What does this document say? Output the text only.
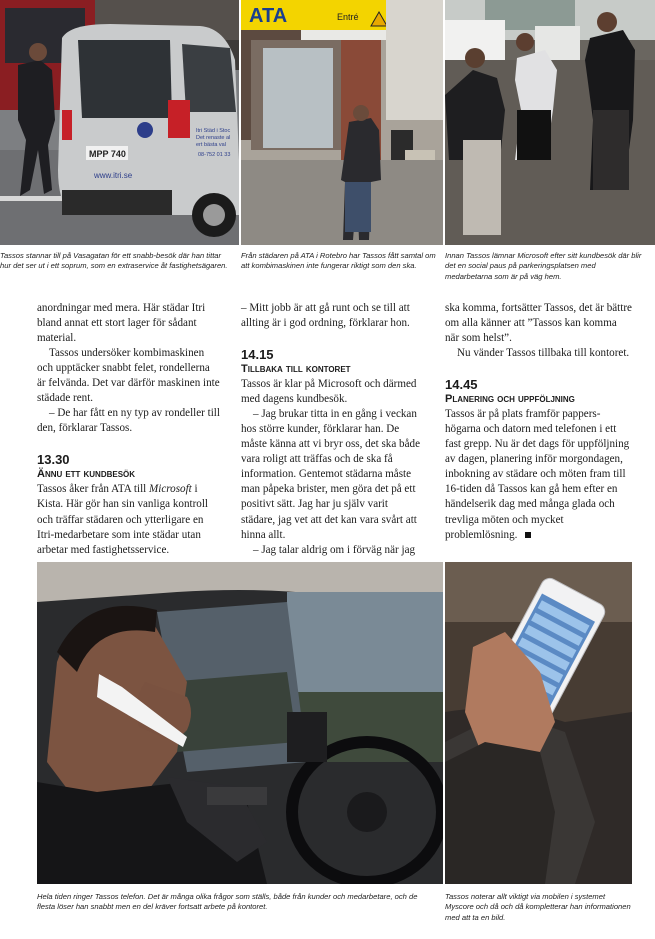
MPP 740
www.itri.se
Itri Städ i Stoc
Det renaste al
ert bästa val
08-752 01 33
ATA	Entré

Tassos stannar till på Vasagatan för ett snabb-besök där han tittar hur det ser ut i ett soprum, som en extraservice åt fastighetsägaren.

Från städaren på ATA i Rotebro har Tassos fått samtal om att kombimaskinen inte fungerar riktigt som den ska.

Innan Tassos lämnar Microsoft efter sitt kundbesök där blir det en social paus på parkeringsplatsen med medarbetarna som är på väg hem.

anordningar med mera. Här städar Itri bland annat ett stort lager för sådant material.

Tassos undersöker kombimaskinen och upptäcker snabbt felet, rondellerna är felvända. Det var därför maskinen inte städade rent.

– De har fått en ny typ av rondeller till den, förklarar Tassos.

13.30

Ännu ett kundbesök

Tassos åker från ATA till Microsoft i Kista. Här gör han sin vanliga kontroll och träffar städaren och ytterligare en Itri-medarbetare som inte städar utan arbetar med fastighetsservice.

– Mitt jobb är att gå runt och se till att allting är i god ordning, förklarar hon.

14.15

Tillbaka till kontoret

Tassos är klar på Microsoft och därmed med dagens kundbesök.

– Jag brukar titta in en gång i veckan hos större kunder, förklarar han. De måste känna att vi bryr oss, det ska både vara roligt att träffas och de ska få information. Gentemot städarna måste man påpeka brister, men göra det på ett positivt sätt. Jag har ju själv varit städare, jag vet att det kan vara svårt att hinna allt.

– Jag talar aldrig om i förväg när jag

ska komma, fortsätter Tassos, det är bättre om alla känner att ”Tassos kan komma när som helst”.

Nu vänder Tassos tillbaka till kontoret.

14.45

Planering och uppföljning

Tassos är på plats framför pappers-högarna och datorn med telefonen i ett fast grepp. Nu är det dags för uppföljning av dagen, planering inför morgondagen, inbokning av städare och möten fram till 16-tiden då Tassos kan gå hem efter en händelserik dag med många glada och trevliga möten och mycket problemlösning.

Hela tiden ringer Tassos telefon. Det är många olika frågor som ställs, både från kunder och medarbetare, och de flesta löser han snabbt men en del kräver fortsatt arbete på kontoret.

Tassos noterar allt viktigt via mobilen i systemet Myscore och då och då kompletterar han informationen med att ta en bild.
